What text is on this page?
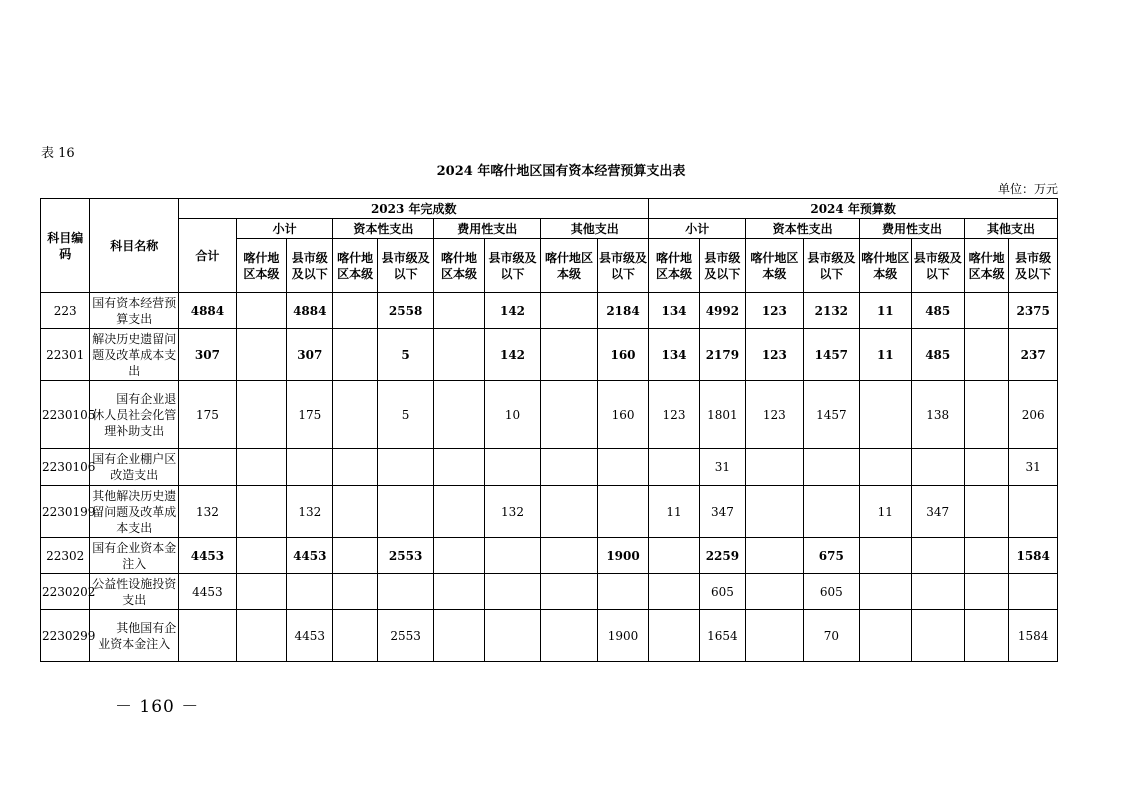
表 16
2024 年喀什地区国有资本经营预算支出表
单位：万元
科目编码	科目名称	2023 年完成数									2024 年预算数							
		合计	小计		资本性支出		费用性支出		其他支出		小计		资本性支出		费用性支出		其他支出	
			喀什地区本级	县市级及以下	喀什地区本级	县市级及以下	喀什地区本级	县市级及以下	喀什地区本级	县市级及以下	喀什地区本级	县市级及以下	喀什地区本级	县市级及以下	喀什地区本级	县市级及以下	喀什地区本级	县市级及以下
223	国有资本经营预算支出	4884		4884		2558		142		2184	134	4992	123	2132	11	485		2375
22301	解决历史遗留问题及改革成本支出	307		307		5		142		160	134	2179	123	1457	11	485		237
2230105	国有企业退休人员社会化管理补助支出	175		175		5		10		160	123	1801	123	1457		138		206
2230106	国有企业棚户区改造支出											31						31
2230199	其他解决历史遗留问题及改革成本支出	132		132				132			11	347			11	347		
22302	国有企业资本金注入	4453		4453		2553				1900		2259		675				1584
2230202	公益性设施投资支出	4453										605		605				
2230299	其他国有企业资本金注入			4453		2553				1900		1654		70				1584
－ 160 －
